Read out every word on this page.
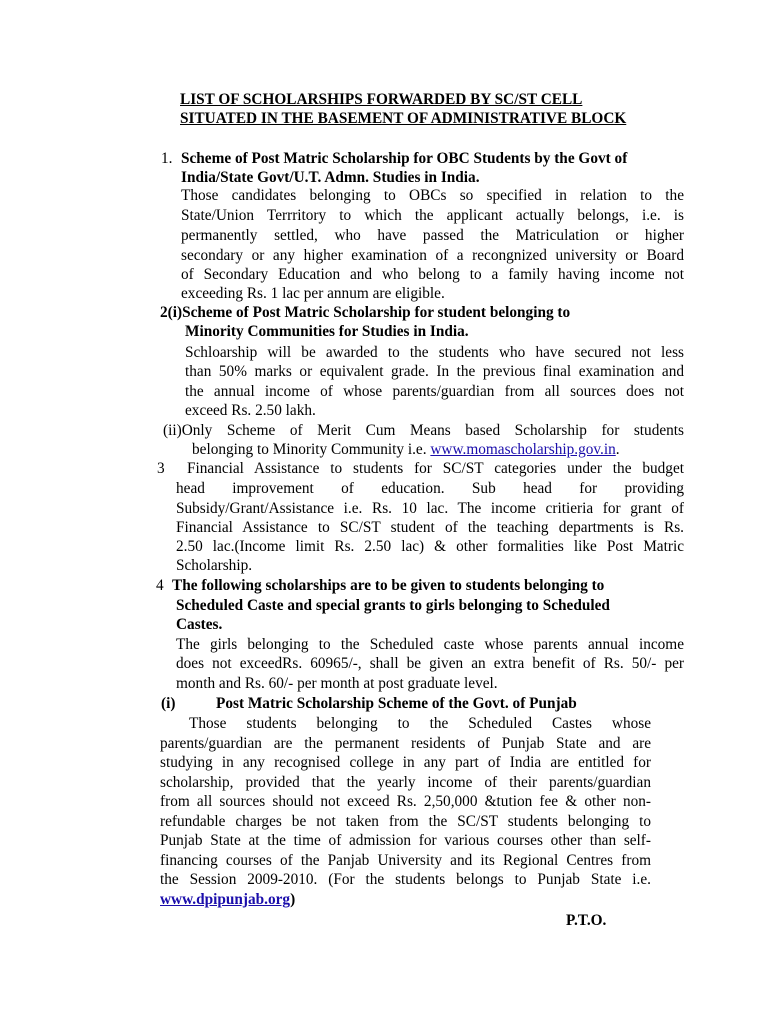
LIST OF SCHOLARSHIPS FORWARDED BY SC/ST CELL
SITUATED IN THE BASEMENT OF ADMINISTRATIVE BLOCK
1. Scheme of Post Matric Scholarship for OBC Students by the Govt of
India/State Govt/U.T. Admn. Studies in India.
Those candidates belonging to OBCs so specified in relation to the
State/Union Terrritory to which the applicant actually belongs, i.e. is
permanently settled, who have passed the Matriculation or higher
secondary or any higher examination of a recongnized university or Board
of Secondary Education and who belong to a family having income not
exceeding Rs. 1 lac per annum are eligible.
2(i)Scheme of Post Matric Scholarship for student belonging to
Minority Communities for Studies in India.
Schloarship will be awarded to the students who have secured not less
than 50% marks or equivalent grade. In the previous final examination and
the annual income of whose parents/guardian from all sources does not
exceed Rs. 2.50 lakh.
(ii)Only Scheme of Merit Cum Means based Scholarship for students
belonging to Minority Community i.e. www.momascholarship.gov.in.
3 Financial Assistance to students for SC/ST categories under the budget
head improvement of education. Sub head for providing
Subsidy/Grant/Assistance i.e. Rs. 10 lac. The income critieria for grant of
Financial Assistance to SC/ST student of the teaching departments is Rs.
2.50 lac.(Income limit Rs. 2.50 lac) & other formalities like Post Matric
Scholarship.
4 The following scholarships are to be given to students belonging to
Scheduled Caste and special grants to girls belonging to Scheduled
Castes.
The girls belonging to the Scheduled caste whose parents annual income
does not exceedRs. 60965/-, shall be given an extra benefit of Rs. 50/- per
month and Rs. 60/- per month at post graduate level.
(i)	Post Matric Scholarship Scheme of the Govt. of Punjab
Those students belonging to the Scheduled Castes whose
parents/guardian are the permanent residents of Punjab State and are
studying in any recognised college in any part of India are entitled for
scholarship, provided that the yearly income of their parents/guardian
from all sources should not exceed Rs. 2,50,000 &tution fee & other non-
refundable charges be not taken from the SC/ST students belonging to
Punjab State at the time of admission for various courses other than self-
financing courses of the Panjab University and its Regional Centres from
the Session 2009-2010. (For the students belongs to Punjab State i.e.
www.dpipunjab.org)
P.T.O.
